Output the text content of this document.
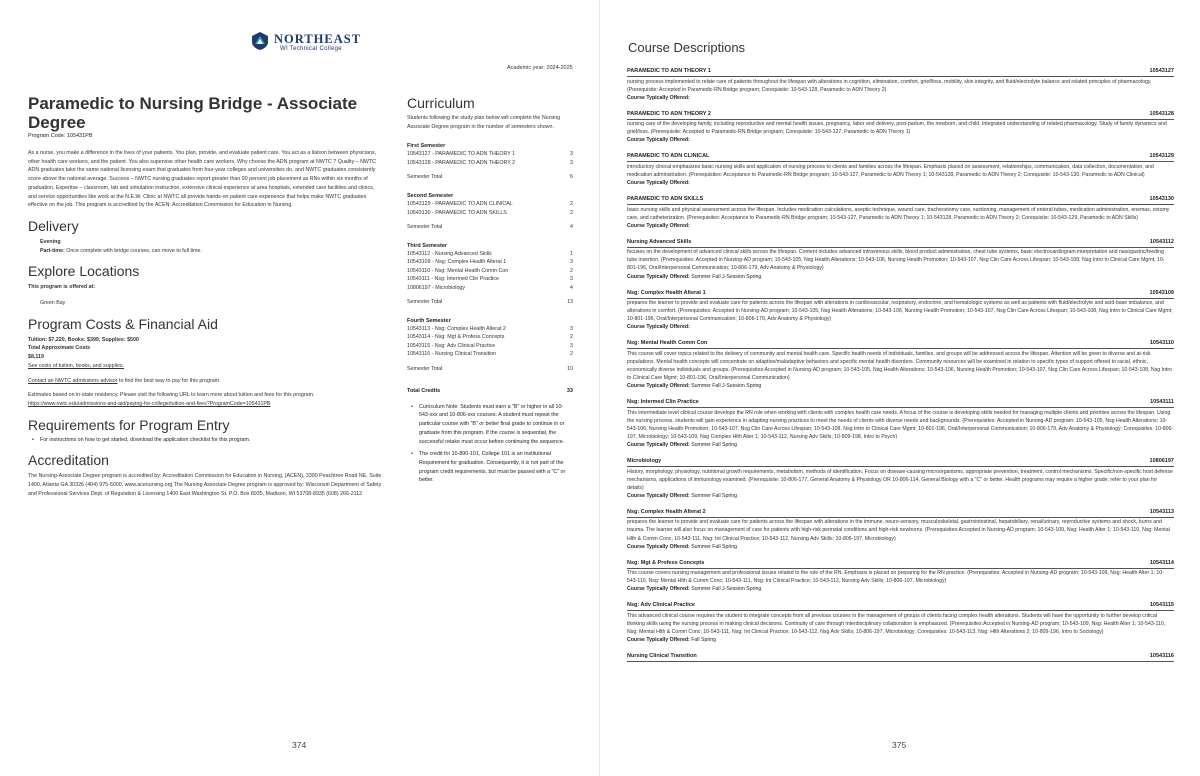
NORTHEAST
WI Technical College
Academic year: 2024-2025
Paramedic to Nursing Bridge - Associate Degree
Program Code: 105431PB
As a nurse, you make a difference in the lives of your patients. You plan, provide, and evaluate patient care. You act as a liaison between physicians, other health care workers, and the patient. You also supervise other health care workers. Why choose the ADN program at NWTC ? Quality – NWTC ADN graduates take the same national licensing exam that graduates from four-year colleges and universities do, and NWTC graduates consistently score above the national average. Success – NWTC nursing graduates report greater than 90 percent job placement as RNs within six months of graduation. Expertise – classroom, lab and simulation instruction, extensive clinical experience at area hospitals, extended care facilities and clinics, and service opportunities like work at the N.E.W. Clinic at NWTC all provide hands-on patient care experience that helps make NWTC graduates effective on the job. This program is accredited by the ACEN: Accreditation Commission for Education in Nursing.
Delivery
Evening
Part-time: Once complete with bridge courses, can move to full time.
Explore Locations
This program is offered at:
Green Bay
Program Costs & Financial Aid
Tuition: $7,220, Books: $399, Supplies: $500
Total Approximate Costs
$8,119
See costs of tuition, books, and supplies.
Contact an NWTC admissions advisor to find the best way to pay for this program.
Estimates based on in-state residency. Please visit the following URL to learn more about tuition and fees for this program.
https://www.nwtc.edu/admissions-and-aid/paying-for-college/tuition-and-fees?ProgramCode=105431PB
Requirements for Program Entry
• For instructions on how to get started, download the application checklist for this program.
Accreditation
The Nursing-Associate Degree program is accredited by: Accreditation Commission for Education in Nursing, (ACEN), 3390 Peachtree Road NE, Suite 1400, Atlanta GA 30326 (404) 975-5000, www.acenursing.org The Nursing Associate Degree program is approved by: Wisconsin Department of Safety and Professional Services Dept. of Regulation & Licensing 1400 East Washington St. P.O. Box 8935, Madison, WI 53708-8935 (608) 266-2112
Curriculum
Students following the study plan below will complete the Nursing Associate Degree program in the number of semesters shown.
First Semester
10543127 - PARAMEDIC TO ADN THEORY 1	3
10543128 - PARAMEDIC TO ADN THEORY 2	3
Semester Total	6
Second Semester
10543129 - PARAMEDIC TO ADN CLINICAL	2
10543130 - PARAMEDIC TO ADN SKILLS	2
Semester Total	4
Third Semester
10543112 - Nursing Advanced Skills	1
10543109 - Nsg: Complex Health Alterat 1	3
10543110 - Nsg: Mental Health Comm Con	2
10543111 - Nsg: Intermed Clin Practice	3
10806197 - Microbiology	4
Semester Total	13
Fourth Semester
10543113 - Nsg: Complex Health Alterat 2	3
10543114 - Nsg: Mgt & Profess Concepts	2
10543115 - Nsg: Adv Clinical Practice	3
10543116 - Nursing Clinical Transition	2
Semester Total	10
Total Credits	33
• Curriculum Note: Students must earn a "B" or higher in all 10-543-xxx and 10-806-xxx courses. A student must repeat the particular course with "B" or better final grade to continue in or graduate from this program. If the course is sequential, the successful retake must occur before continuing the sequence.
• The credit for 10-890-101, College 101 is an Institutional Requirement for graduation. Consequently, it is not part of the program credit requirements, but must be passed with a "C" or better.
374
Course Descriptions
PARAMEDIC TO ADN THEORY 1	10543127
nursing process implemented to relate care of patients throughout the lifespan with alterations in cognition, elimination, comfort, grief/loss, mobility, skin integrity, and fluid/electrolyte balance and related principles of pharmacology. (Prerequisite: Accepted in Paramedic-RN Bridge program; Corequisite: 10-543-128, Paramedic to ADN Theory 2)
Course Typically Offered:
PARAMEDIC TO ADN THEORY 2	10543128
nursing care of the developing family, including reproductive and mental health issues, pregnancy, labor and delivery, post-partum, the newborn, and child. Integrated understanding of related pharmacology. Study of family dynamics and grief/loss. (Prerequisite: Accepted to Paramedic-RN Bridge program; Corequisite: 10-543-127, Paramedic to ADN Theory 1)
Course Typically Offered:
PARAMEDIC TO ADN CLINICAL	10543129
introductory clinical emphasizes basic nursing skills and application of nursing process to clients and families across the lifespan. Emphasis placed on assessment, relationships, communication, data collection, documentation, and medication administration. (Prerequisites: Acceptance to Paramedic-RN Bridge program; 10-543-127, Paramedic to ADN Theory 1; 10-543128, Paramedic to ADN Theory 2; Corequisite: 10-543-130, Paramedic to ADN Clinical)
Course Typically Offered:
PARAMEDIC TO ADN SKILLS	10543130
basic nursing skills and physical assessment across the lifespan. Includes medication calculations, aseptic technique, wound care, tracheostomy care, suctioning, management of enteral tubes, medication administration, enemas, ostomy care, and catheterization. (Prerequisites: Acceptance to Paramedic-RN Bridge program; 10-543-127, Paramedic to ADN Theory 1; 10-543128, Paramedic to ADN Theory 2; Corequisite: 10-543-129, Paramedic to ADN Skills)
Course Typically Offered:
Nursing Advanced Skills	10543112
focuses on the development of advanced clinical skills across the lifespan. Content includes advanced intravenous skills, blood product administration, chest tube systems, basic electrocardiogram interpretation and nasogastric/feeding tube insertion. (Prerequisites: Accepted in Nursing-AD program; 10-543-105, Nsg Health Alterations; 10-543-106, Nursing Health Promotion; 10-543-107, Nsg Clin Care Across Lifespan; 10-543-108, Nsg Intro to Clinical Care Mgmt; 10-801-196, Oral/Interpersonal Communication; 10-806-179, Adv Anatomy & Physiology)
Course Typically Offered: Summer Fall J-Session Spring
Nsg: Complex Health Alterat 1	10543109
prepares the learner to provide and evaluate care for patients across the lifespan with alterations in cardiovascular, respiratory, endocrine, and hematologic systems as well as patients with fluid/electrolyte and acid-base imbalance, and alterations in comfort. (Prerequisites: Accepted in Nursing-AD program; 10-543-105, Nsg Health Alterations; 10-543-106, Nursing Health Promotion; 10-543-107, Nsg Clin Care Across Lifespan; 10-543-108, Nsg Intro to Clinical Care Mgmt; 10-801-196, Oral/Interpersonal Communication; 10-806-179, Adv Anatomy & Physiology)
Course Typically Offered:
Nsg: Mental Health Comm Con	10543110
This course will cover topics related to the delivery of community and mental health care. Specific health needs of individuals, families, and groups will be addressed across the lifespan. Attention will be given to diverse and at-risk populations. Mental health concepts will concentrate on adaptive/maladaptive behaviors and specific mental health disorders. Community resources will be examined in relation to specific types of support offered to racial, ethnic, economically diverse individuals and groups. (Prerequisites:Accepted in Nursing-AD program; 10-543-105, Nsg Health Alterations; 10-543-106, Nursing Health Promotion; 10-543-107, Nsg Clin Care Across Lifespan; 10-543-108, Nsg Intro to Clinical Care Mgmt; 10-801-196, Oral/Interpersonal Communication)
Course Typically Offered: Summer Fall J-Session Spring
Nsg: Intermed Clin Practice	10543111
This intermediate level clinical course develops the RN role when working with clients with complex health care needs. A focus of the course is developing skills needed for managing multiple clients and priorities across the lifespan. Using the nursing process, students will gain experience in adapting nursing practices to meet the needs of clients with diverse needs and backgrounds. (Prerequisites: Accepted in Nursing-AD program; 10-543-105, Nsg Health Alterations; 10-543-106, Nursing Health Promotion; 10-543-107, Nsg Clin Care Across Lifespan; 10-543-108, Nsg Intro to Clinical Care Mgmt; 10-801-196, Oral/Interpersonal Communication; 10-806-179, Adv Anatomy & Physiology; Corequisites: 10-806-197, Microbiology; 10-543-109, Nsg Complex Hlth Alter 1; 10-543-112, Nursing Adv Skills; 10-809-198, Intro to Psych)
Course Typically Offered: Summer Fall Spring
Microbiology	10806197
History, morphology, physiology, nutritional growth requirements, metabolism, methods of identification. Focus on disease-causing microorganisms, appropriate prevention, treatment, control mechanisms. Specific/non-specific host defense mechanisms, applications of immunology examined. (Prerequisite: 10-806-177, General Anatomy & Physiology OR 10-806-114, General Biology with a "C" or better. Health programs may require a higher grade; refer to your plan for details)
Course Typically Offered: Summer Fall Spring
Nsg: Complex Health Alterat 2	10543113
prepares the learner to provide and evaluate care for patients across the lifespan with alterations in the immune, neuro-sensory, musculoskeletal, gastrointestinal, hepatobiliary, renal/urinary, reproductive systems and shock, burns and trauma. The learner will also focus on management of care for patients with high-risk perinatal conditions and high-risk newborns. (Prerequisites:Accepted in Nursing-AD program; 10-543-109, Nsg: Health Alter 1; 10-543-110, Nsg: Mental Hlth & Comm Conc; 10-543-111, Nsg: Int Clinical Practice; 10-543-112, Nursing Adv Skills; 10-806-197, Microbiology)
Course Typically Offered: Summer Fall Spring
Nsg: Mgt & Profess Concepts	10543114
This course covers nursing management and professional issues related to the role of the RN. Emphasis is placed on preparing for the RN practice. (Prerequisites: Accepted in Nursing-AD program; 10-543-109, Nsg: Health Alter 1; 10-543-110, Nsg: Mental Hlth & Comm Conc; 10-543-111, Nsg: Int Clinical Practice; 10-543-112, Nursing Adv Skills; 10-806-197, Microbiology)
Course Typically Offered: Summer Fall J-Session Spring
Nsg: Adv Clinical Practice	10543115
This advanced clinical course requires the student to integrate concepts from all previous courses in the management of groups of clients facing complex health alterations. Students will have the opportunity to further develop critical thinking skills using the nursing process in making clinical decisions. Continuity of care through interdisciplinary collaboration is emphasized. (Prerequisites:Accepted in Nursing-AD program; 10-543-109, Nsg: Health Alter 1; 10-543-110, Nsg: Mental Hlth & Comm Conc; 10-543-111, Nsg: Int Clinical Practice; 10-543-112, Nsg Adv Skills; 10-806-197, Microbiology; Corequisites: 10-543-113, Nsg: Hlth Alterations 2; 10-809-196, Intro to Sociology)
Course Typically Offered: Fall Spring
Nursing Clinical Transition	10543116
375
